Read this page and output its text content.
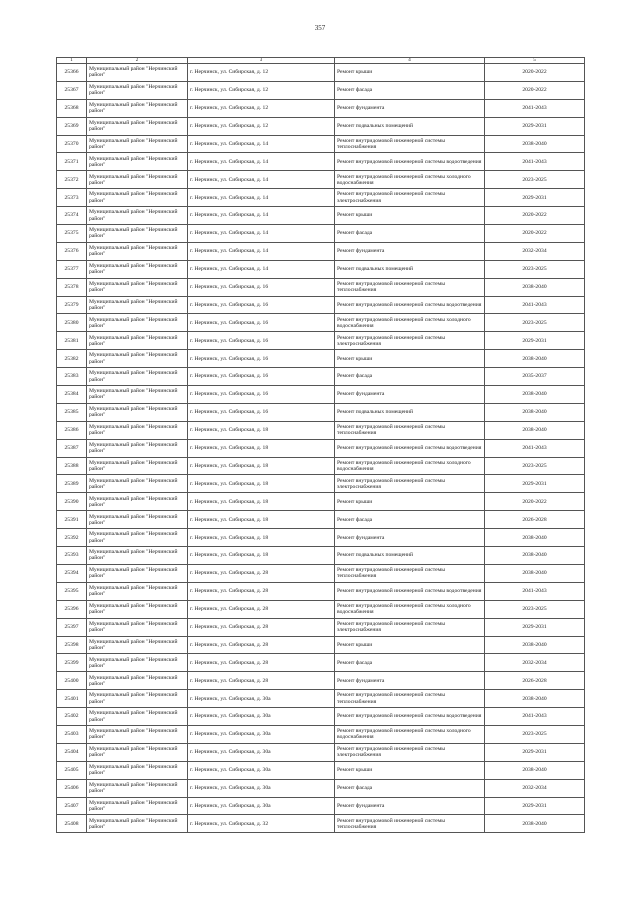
357
1	2	3	4	5
25366	Муниципальный район "Нерчинский район"	г. Нерчинск, ул. Сибирская, д. 12	Ремонт крыши	2020-2022
25367	Муниципальный район "Нерчинский район"	г. Нерчинск, ул. Сибирская, д. 12	Ремонт фасада	2020-2022
25368	Муниципальный район "Нерчинский район"	г. Нерчинск, ул. Сибирская, д. 12	Ремонт фундамента	2041-2043
25369	Муниципальный район "Нерчинский район"	г. Нерчинск, ул. Сибирская, д. 12	Ремонт подвальных помещений	2029-2031
25370	Муниципальный район "Нерчинский район"	г. Нерчинск, ул. Сибирская, д. 14	Ремонт внутридомовой инженерной системы теплоснабжения	2038-2040
25371	Муниципальный район "Нерчинский район"	г. Нерчинск, ул. Сибирская, д. 14	Ремонт внутридомовой инженерной системы водоотведения	2041-2043
25372	Муниципальный район "Нерчинский район"	г. Нерчинск, ул. Сибирская, д. 14	Ремонт внутридомовой инженерной системы холодного водоснабжения	2023-2025
25373	Муниципальный район "Нерчинский район"	г. Нерчинск, ул. Сибирская, д. 14	Ремонт внутридомовой инженерной системы электроснабжения	2029-2031
25374	Муниципальный район "Нерчинский район"	г. Нерчинск, ул. Сибирская, д. 14	Ремонт крыши	2020-2022
25375	Муниципальный район "Нерчинский район"	г. Нерчинск, ул. Сибирская, д. 14	Ремонт фасада	2020-2022
25376	Муниципальный район "Нерчинский район"	г. Нерчинск, ул. Сибирская, д. 14	Ремонт фундамента	2032-2034
25377	Муниципальный район "Нерчинский район"	г. Нерчинск, ул. Сибирская, д. 14	Ремонт подвальных помещений	2023-2025
25378	Муниципальный район "Нерчинский район"	г. Нерчинск, ул. Сибирская, д. 16	Ремонт внутридомовой инженерной системы теплоснабжения	2038-2040
25379	Муниципальный район "Нерчинский район"	г. Нерчинск, ул. Сибирская, д. 16	Ремонт внутридомовой инженерной системы водоотведения	2041-2043
25380	Муниципальный район "Нерчинский район"	г. Нерчинск, ул. Сибирская, д. 16	Ремонт внутридомовой инженерной системы холодного водоснабжения	2023-2025
25381	Муниципальный район "Нерчинский район"	г. Нерчинск, ул. Сибирская, д. 16	Ремонт внутридомовой инженерной системы электроснабжения	2029-2031
25382	Муниципальный район "Нерчинский район"	г. Нерчинск, ул. Сибирская, д. 16	Ремонт крыши	2038-2040
25383	Муниципальный район "Нерчинский район"	г. Нерчинск, ул. Сибирская, д. 16	Ремонт фасада	2035-2037
25384	Муниципальный район "Нерчинский район"	г. Нерчинск, ул. Сибирская, д. 16	Ремонт фундамента	2038-2040
25385	Муниципальный район "Нерчинский район"	г. Нерчинск, ул. Сибирская, д. 16	Ремонт подвальных помещений	2038-2040
25386	Муниципальный район "Нерчинский район"	г. Нерчинск, ул. Сибирская, д. 18	Ремонт внутридомовой инженерной системы теплоснабжения	2038-2040
25387	Муниципальный район "Нерчинский район"	г. Нерчинск, ул. Сибирская, д. 18	Ремонт внутридомовой инженерной системы водоотведения	2041-2043
25388	Муниципальный район "Нерчинский район"	г. Нерчинск, ул. Сибирская, д. 18	Ремонт внутридомовой инженерной системы холодного водоснабжения	2023-2025
25389	Муниципальный район "Нерчинский район"	г. Нерчинск, ул. Сибирская, д. 18	Ремонт внутридомовой инженерной системы электроснабжения	2029-2031
25390	Муниципальный район "Нерчинский район"	г. Нерчинск, ул. Сибирская, д. 18	Ремонт крыши	2020-2022
25391	Муниципальный район "Нерчинский район"	г. Нерчинск, ул. Сибирская, д. 18	Ремонт фасада	2026-2028
25392	Муниципальный район "Нерчинский район"	г. Нерчинск, ул. Сибирская, д. 18	Ремонт фундамента	2038-2040
25393	Муниципальный район "Нерчинский район"	г. Нерчинск, ул. Сибирская, д. 18	Ремонт подвальных помещений	2038-2040
25394	Муниципальный район "Нерчинский район"	г. Нерчинск, ул. Сибирская, д. 28	Ремонт внутридомовой инженерной системы теплоснабжения	2038-2040
25395	Муниципальный район "Нерчинский район"	г. Нерчинск, ул. Сибирская, д. 28	Ремонт внутридомовой инженерной системы водоотведения	2041-2043
25396	Муниципальный район "Нерчинский район"	г. Нерчинск, ул. Сибирская, д. 28	Ремонт внутридомовой инженерной системы холодного водоснабжения	2023-2025
25397	Муниципальный район "Нерчинский район"	г. Нерчинск, ул. Сибирская, д. 28	Ремонт внутридомовой инженерной системы электроснабжения	2029-2031
25398	Муниципальный район "Нерчинский район"	г. Нерчинск, ул. Сибирская, д. 28	Ремонт крыши	2038-2040
25399	Муниципальный район "Нерчинский район"	г. Нерчинск, ул. Сибирская, д. 28	Ремонт фасада	2032-2034
25400	Муниципальный район "Нерчинский район"	г. Нерчинск, ул. Сибирская, д. 28	Ремонт фундамента	2026-2028
25401	Муниципальный район "Нерчинский район"	г. Нерчинск, ул. Сибирская, д. 30а	Ремонт внутридомовой инженерной системы теплоснабжения	2038-2040
25402	Муниципальный район "Нерчинский район"	г. Нерчинск, ул. Сибирская, д. 30а	Ремонт внутридомовой инженерной системы водоотведения	2041-2043
25403	Муниципальный район "Нерчинский район"	г. Нерчинск, ул. Сибирская, д. 30а	Ремонт внутридомовой инженерной системы холодного водоснабжения	2023-2025
25404	Муниципальный район "Нерчинский район"	г. Нерчинск, ул. Сибирская, д. 30а	Ремонт внутридомовой инженерной системы электроснабжения	2029-2031
25405	Муниципальный район "Нерчинский район"	г. Нерчинск, ул. Сибирская, д. 30а	Ремонт крыши	2038-2040
25406	Муниципальный район "Нерчинский район"	г. Нерчинск, ул. Сибирская, д. 30а	Ремонт фасада	2032-2034
25407	Муниципальный район "Нерчинский район"	г. Нерчинск, ул. Сибирская, д. 30а	Ремонт фундамента	2029-2031
25408	Муниципальный район "Нерчинский район"	г. Нерчинск, ул. Сибирская, д. 32	Ремонт внутридомовой инженерной системы теплоснабжения	2038-2040
